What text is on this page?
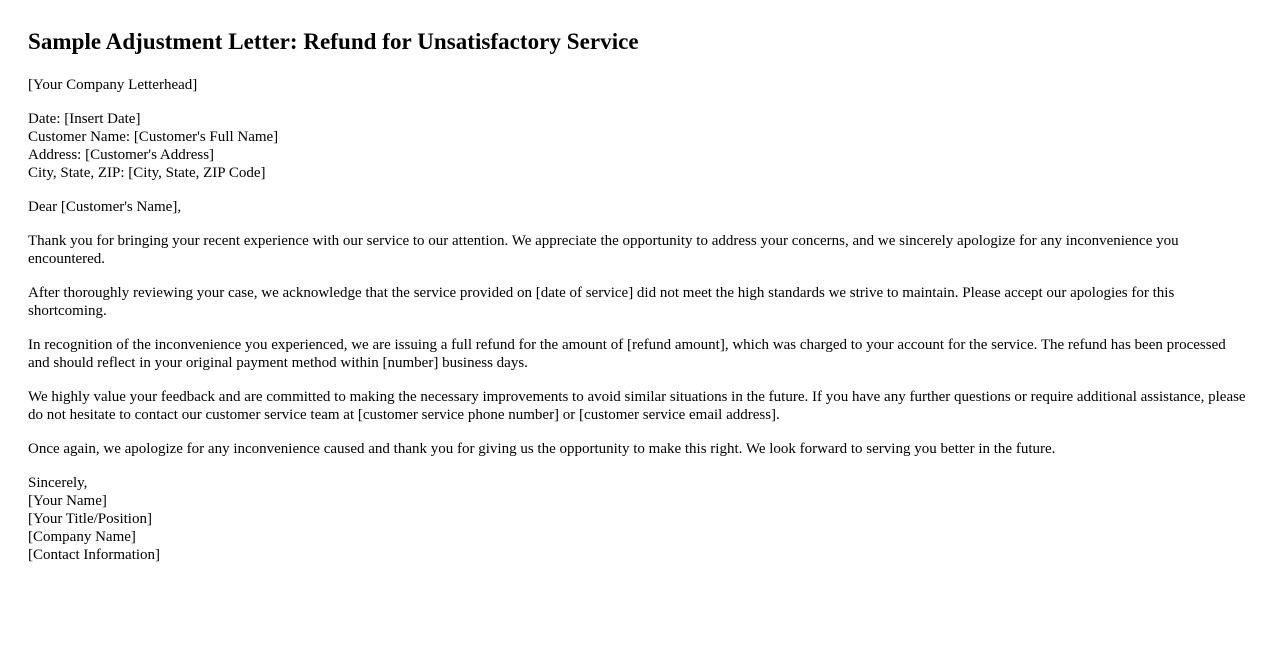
Sample Adjustment Letter: Refund for Unsatisfactory Service

[Your Company Letterhead]

Date: [Insert Date]
Customer Name: [Customer's Full Name]
Address: [Customer's Address]
City, State, ZIP: [City, State, ZIP Code]

Dear [Customer's Name],

Thank you for bringing your recent experience with our service to our attention. We appreciate the opportunity to address your concerns, and we sincerely apologize for any inconvenience you encountered.

After thoroughly reviewing your case, we acknowledge that the service provided on [date of service] did not meet the high standards we strive to maintain. Please accept our apologies for this shortcoming.

In recognition of the inconvenience you experienced, we are issuing a full refund for the amount of [refund amount], which was charged to your account for the service. The refund has been processed and should reflect in your original payment method within [number] business days.

We highly value your feedback and are committed to making the necessary improvements to avoid similar situations in the future. If you have any further questions or require additional assistance, please do not hesitate to contact our customer service team at [customer service phone number] or [customer service email address].

Once again, we apologize for any inconvenience caused and thank you for giving us the opportunity to make this right. We look forward to serving you better in the future.

Sincerely,
[Your Name]
[Your Title/Position]
[Company Name]
[Contact Information]
